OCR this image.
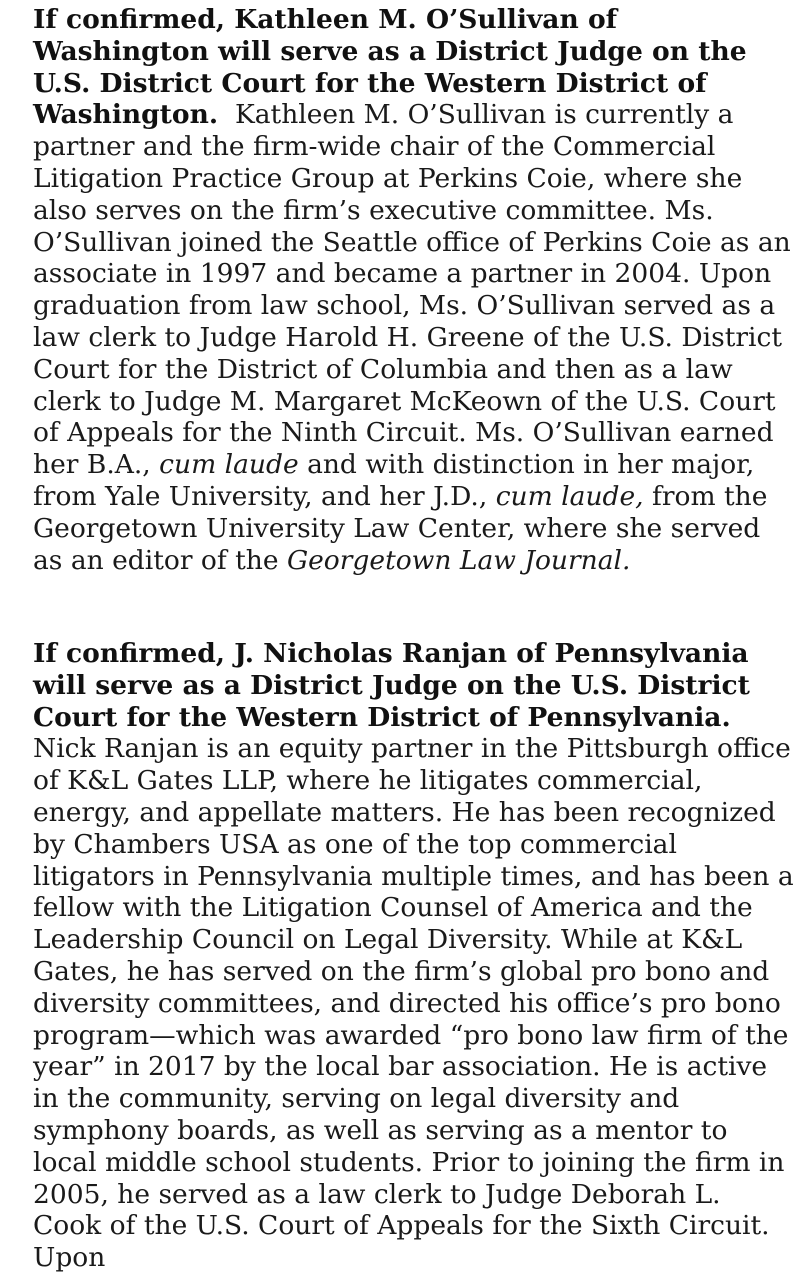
If confirmed, Kathleen M. O’Sullivan of Washington will serve as a District Judge on the U.S. District Court for the Western District of Washington. Kathleen M. O’Sullivan is currently a partner and the firm-wide chair of the Commercial Litigation Practice Group at Perkins Coie, where she also serves on the firm’s executive committee. Ms. O’Sullivan joined the Seattle office of Perkins Coie as an associate in 1997 and became a partner in 2004. Upon graduation from law school, Ms. O’Sullivan served as a law clerk to Judge Harold H. Greene of the U.S. District Court for the District of Columbia and then as a law clerk to Judge M. Margaret McKeown of the U.S. Court of Appeals for the Ninth Circuit. Ms. O’Sullivan earned her B.A., cum laude and with distinction in her major, from Yale University, and her J.D., cum laude, from the Georgetown University Law Center, where she served as an editor of the Georgetown Law Journal.

If confirmed, J. Nicholas Ranjan of Pennsylvania will serve as a District Judge on the U.S. District Court for the Western District of Pennsylvania.  Nick Ranjan is an equity partner in the Pittsburgh office of K&L Gates LLP, where he litigates commercial, energy, and appellate matters. He has been recognized by Chambers USA as one of the top commercial litigators in Pennsylvania multiple times, and has been a fellow with the Litigation Counsel of America and the Leadership Council on Legal Diversity. While at K&L Gates, he has served on the firm’s global pro bono and diversity committees, and directed his office’s pro bono program—which was awarded “pro bono law firm of the year” in 2017 by the local bar association. He is active in the community, serving on legal diversity and symphony boards, as well as serving as a mentor to local middle school students. Prior to joining the firm in 2005, he served as a law clerk to Judge Deborah L. Cook of the U.S. Court of Appeals for the Sixth Circuit. Upon
